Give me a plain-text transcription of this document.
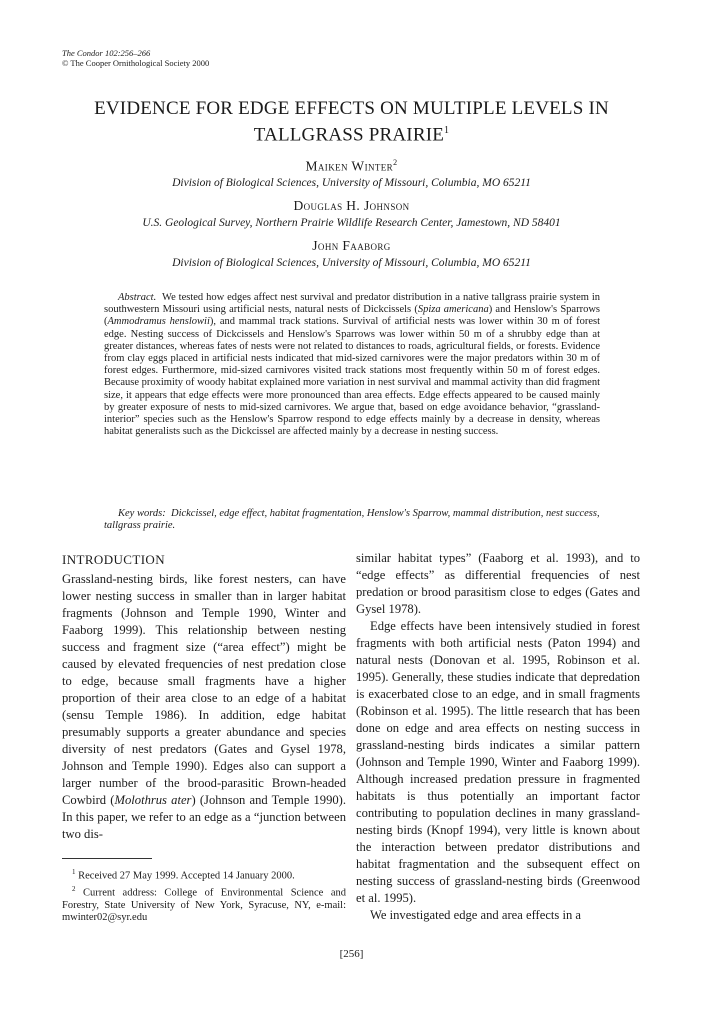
The Condor 102:256–266
© The Cooper Ornithological Society 2000
EVIDENCE FOR EDGE EFFECTS ON MULTIPLE LEVELS IN
TALLGRASS PRAIRIE$^1$
Maiken Winter$^2$
Division of Biological Sciences, University of Missouri, Columbia, MO 65211
Douglas H. Johnson
U.S. Geological Survey, Northern Prairie Wildlife Research Center, Jamestown, ND 58401
John Faaborg
Division of Biological Sciences, University of Missouri, Columbia, MO 65211

Abstract. We tested how edges affect nest survival and predator distribution in a native tallgrass prairie system in southwestern Missouri using artificial nests, natural nests of Dickcissels (Spiza americana) and Henslow's Sparrows (Ammodramus henslowii), and mammal track stations. Survival of artificial nests was lower within 30 m of forest edge. Nesting success of Dickcissels and Henslow's Sparrows was lower within 50 m of a shrubby edge than at greater distances, whereas fates of nests were not related to distances to roads, agricultural fields, or forests. Evidence from clay eggs placed in artificial nests indicated that mid-sized carnivores were the major predators within 30 m of forest edges. Furthermore, mid-sized carnivores visited track stations most frequently within 50 m of forest edges. Because proximity of woody habitat explained more variation in nest survival and mammal activity than did fragment size, it appears that edge effects were more pronounced than area effects. Edge effects appeared to be caused mainly by greater exposure of nests to mid-sized carnivores. We argue that, based on edge avoidance behavior, “grassland-interior” species such as the Henslow's Sparrow respond to edge effects mainly by a decrease in density, whereas habitat generalists such as the Dickcissel are affected mainly by a decrease in nesting success.

Key words: Dickcissel, edge effect, habitat fragmentation, Henslow's Sparrow, mammal distribution, nest success, tallgrass prairie.

INTRODUCTION

Grassland-nesting birds, like forest nesters, can have lower nesting success in smaller than in larger habitat fragments (Johnson and Temple 1990, Winter and Faaborg 1999). This relationship between nesting success and fragment size (“area effect”) might be caused by elevated frequencies of nest predation close to edge, because small fragments have a higher proportion of their area close to an edge of a habitat (sensu Temple 1986). In addition, edge habitat presumably supports a greater abundance and species diversity of nest predators (Gates and Gysel 1978, Johnson and Temple 1990). Edges also can support a larger number of the brood-parasitic Brown-headed Cowbird (Molothrus ater) (Johnson and Temple 1990). In this paper, we refer to an edge as a “junction between two dis-

similar habitat types” (Faaborg et al. 1993), and to “edge effects” as differential frequencies of nest predation or brood parasitism close to edges (Gates and Gysel 1978).

Edge effects have been intensively studied in forest fragments with both artificial nests (Paton 1994) and natural nests (Donovan et al. 1995, Robinson et al. 1995). Generally, these studies indicate that depredation is exacerbated close to an edge, and in small fragments (Robinson et al. 1995). The little research that has been done on edge and area effects on nesting success in grassland-nesting birds indicates a similar pattern (Johnson and Temple 1990, Winter and Faaborg 1999). Although increased predation pressure in fragmented habitats is thus potentially an important factor contributing to population declines in many grassland-nesting birds (Knopf 1994), very little is known about the interaction between predator distributions and habitat fragmentation and the subsequent effect on nesting success of grassland-nesting birds (Greenwood et al. 1995).

We investigated edge and area effects in a

$^1$ Received 27 May 1999. Accepted 14 January 2000.

$^2$ Current address: College of Environmental Science and Forestry, State University of New York, Syracuse, NY, e-mail: mwinter02@syr.edu

[256]
